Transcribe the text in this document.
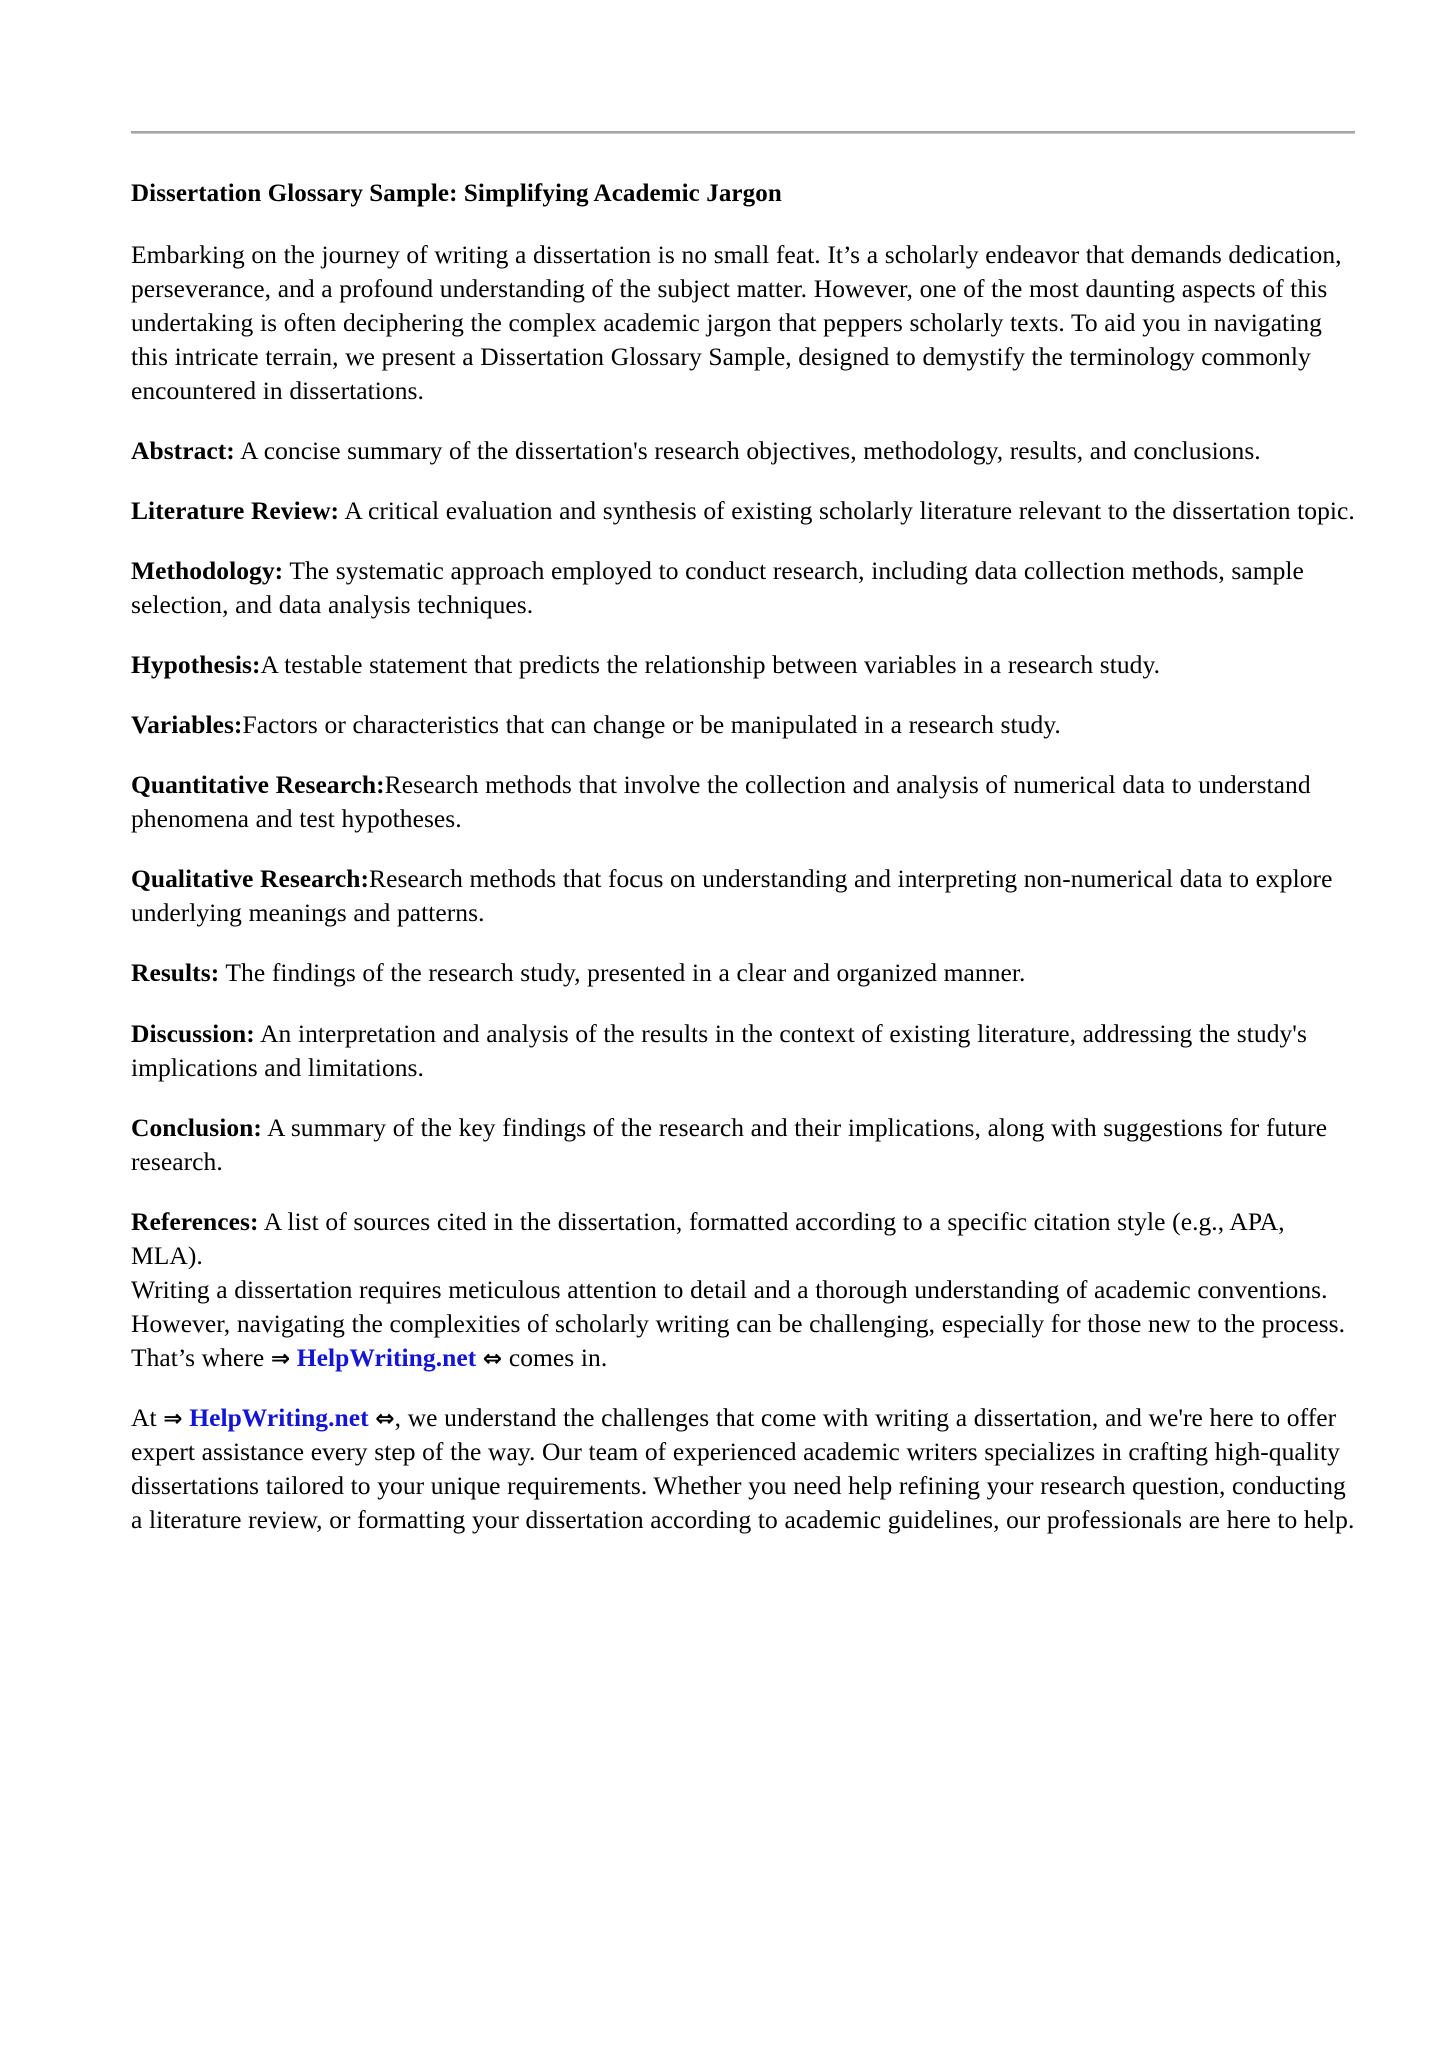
Dissertation Glossary Sample: Simplifying Academic Jargon

Embarking on the journey of writing a dissertation is no small feat. It’s a scholarly endeavor that demands dedication, perseverance, and a profound understanding of the subject matter. However, one of the most daunting aspects of this undertaking is often deciphering the complex academic jargon that peppers scholarly texts. To aid you in navigating this intricate terrain, we present a Dissertation Glossary Sample, designed to demystify the terminology commonly encountered in dissertations.

Abstract: A concise summary of the dissertation's research objectives, methodology, results, and conclusions.

Literature Review: A critical evaluation and synthesis of existing scholarly literature relevant to the dissertation topic.

Methodology: The systematic approach employed to conduct research, including data collection methods, sample selection, and data analysis techniques.

Hypothesis:A testable statement that predicts the relationship between variables in a research study.

Variables:Factors or characteristics that can change or be manipulated in a research study.

Quantitative Research:Research methods that involve the collection and analysis of numerical data to understand phenomena and test hypotheses.

Qualitative Research:Research methods that focus on understanding and interpreting non-numerical data to explore underlying meanings and patterns.

Results: The findings of the research study, presented in a clear and organized manner.

Discussion: An interpretation and analysis of the results in the context of existing literature, addressing the study's implications and limitations.

Conclusion: A summary of the key findings of the research and their implications, along with suggestions for future research.

References: A list of sources cited in the dissertation, formatted according to a specific citation style (e.g., APA, MLA).

Writing a dissertation requires meticulous attention to detail and a thorough understanding of academic conventions. However, navigating the complexities of scholarly writing can be challenging, especially for those new to the process. That’s where ⇒ HelpWriting.net ⇔ comes in.

At ⇒ HelpWriting.net ⇔, we understand the challenges that come with writing a dissertation, and we're here to offer expert assistance every step of the way. Our team of experienced academic writers specializes in crafting high-quality dissertations tailored to your unique requirements. Whether you need help refining your research question, conducting a literature review, or formatting your dissertation according to academic guidelines, our professionals are here to help.
